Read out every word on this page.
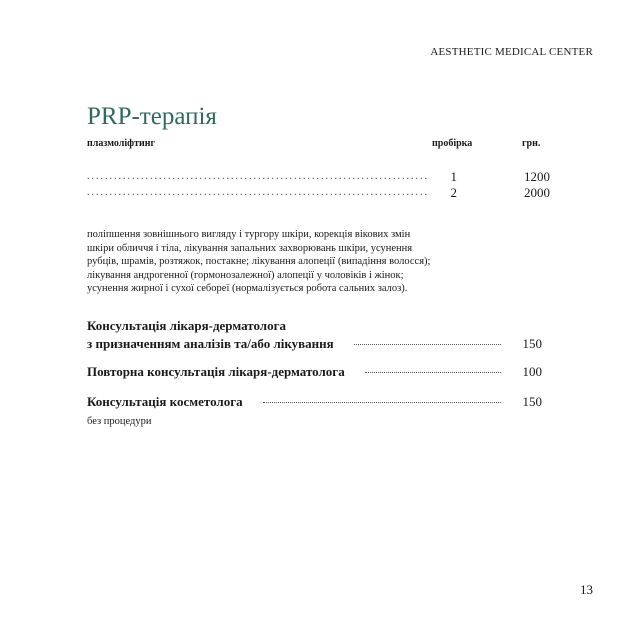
AESTHETIC MEDICAL CENTER
PRP-терапія
плазмоліфтинг	пробірка	грн.
.....
1	1200
.....
2	2000
поліпшення зовнішнього вигляду і тургору шкіри, корекція вікових змін
шкіри обличчя і тіла, лікування запальних захворювань шкіри, усунення
рубців, шрамів, розтяжок, постакне; лікування алопеції (випадіння волосся);
лікування андрогенної (гормонозалежної) алопеції у чоловіків і жінок;
усунення жирної і сухої себореї (нормалізується робота сальних залоз).
Консультація лікаря-дерматолога
з призначенням аналізів та/або лікування	150
Повторна консультація лікаря-дерматолога	100
Консультація косметолога	150
без процедури
13
